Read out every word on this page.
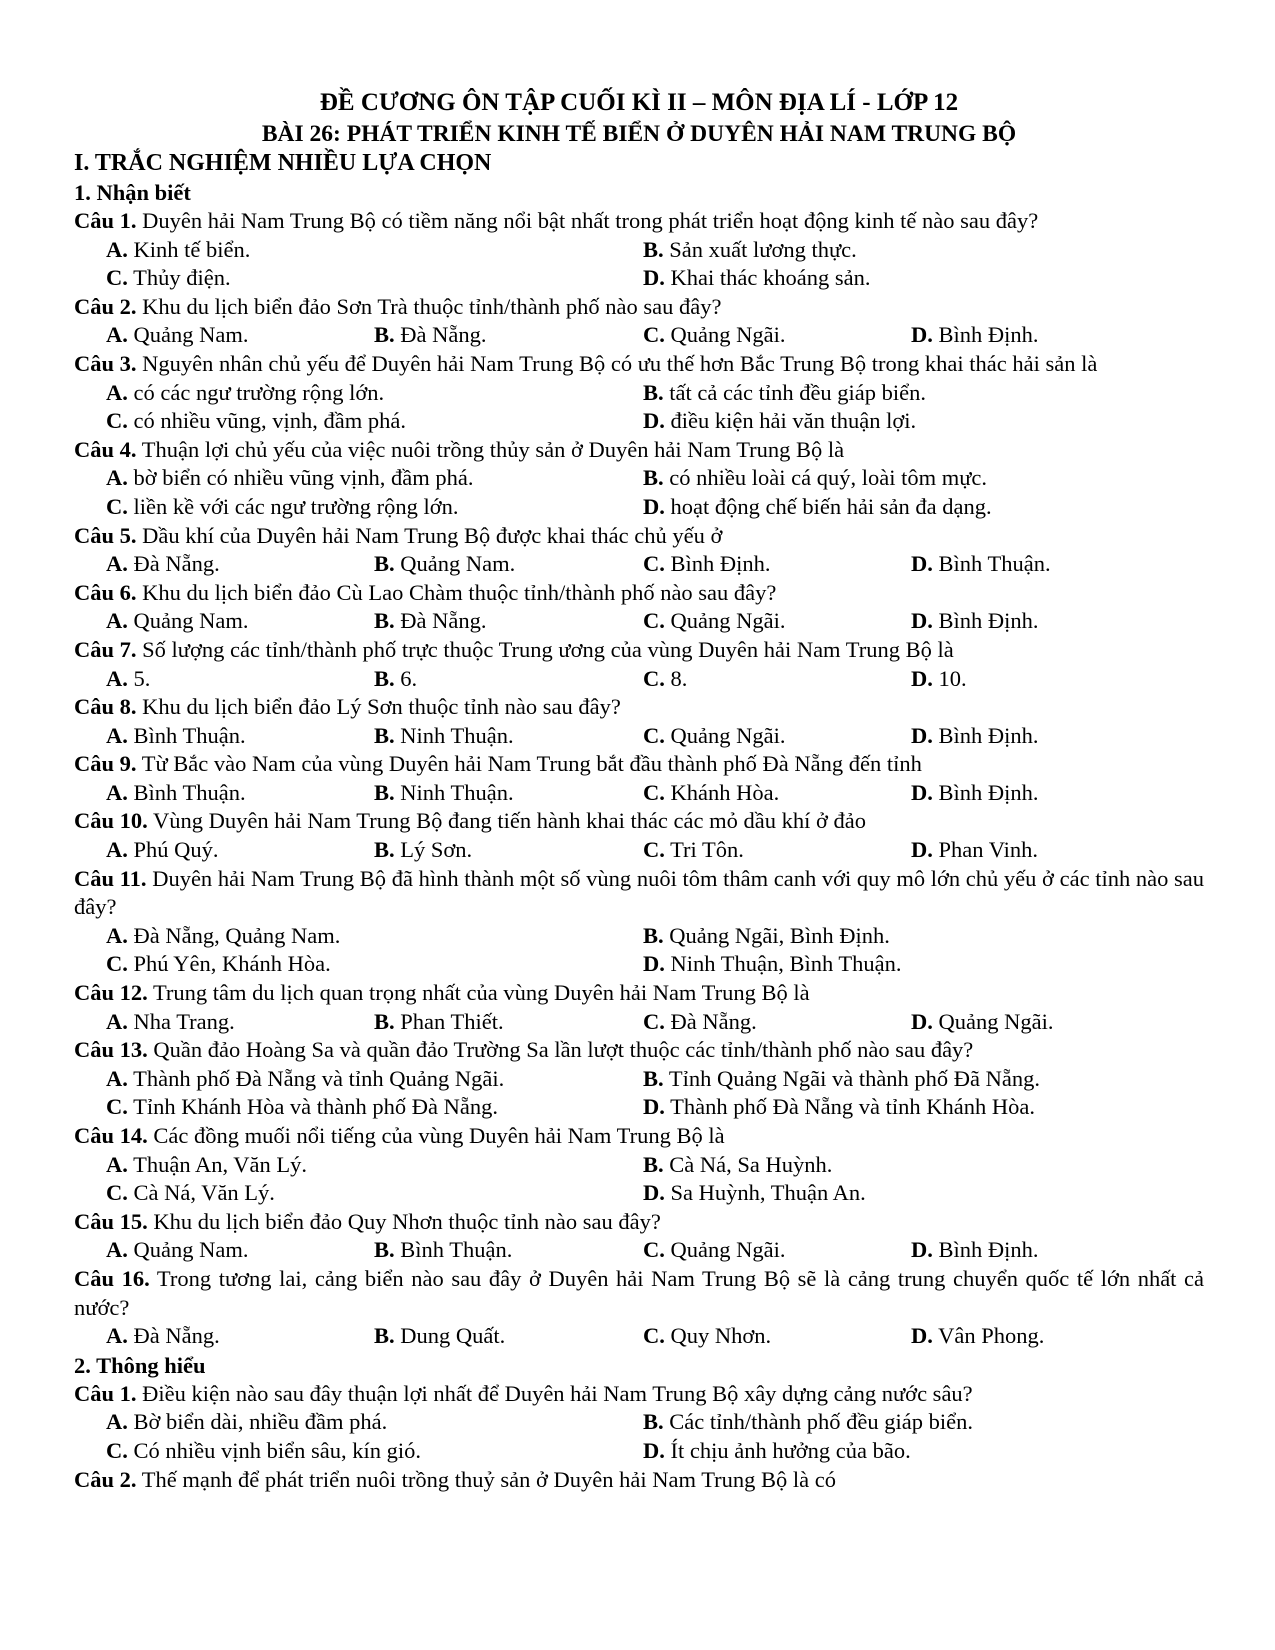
ĐỀ CƯƠNG ÔN TẬP CUỐI KÌ II – MÔN ĐỊA LÍ - LỚP 12
BÀI 26: PHÁT TRIỂN KINH TẾ BIỂN Ở DUYÊN HẢI NAM TRUNG BỘ
I. TRẮC NGHIỆM NHIỀU LỰA CHỌN
1. Nhận biết
Câu 1. Duyên hải Nam Trung Bộ có tiềm năng nổi bật nhất trong phát triển hoạt động kinh tế nào sau đây?
A. Kinh tế biển.	B. Sản xuất lương thực.
C. Thủy điện.	D. Khai thác khoáng sản.
Câu 2. Khu du lịch biển đảo Sơn Trà thuộc tỉnh/thành phố nào sau đây?
A. Quảng Nam.	B. Đà Nẵng.	C. Quảng Ngãi.	D. Bình Định.
Câu 3. Nguyên nhân chủ yếu để Duyên hải Nam Trung Bộ có ưu thế hơn Bắc Trung Bộ trong khai thác hải sản là
A. có các ngư trường rộng lớn.	B. tất cả các tỉnh đều giáp biển.
C. có nhiều vũng, vịnh, đầm phá.	D. điều kiện hải văn thuận lợi.
Câu 4. Thuận lợi chủ yếu của việc nuôi trồng thủy sản ở Duyên hải Nam Trung Bộ là
A. bờ biển có nhiều vũng vịnh, đầm phá.	B. có nhiều loài cá quý, loài tôm mực.
C. liền kề với các ngư trường rộng lớn.	D. hoạt động chế biến hải sản đa dạng.
Câu 5. Dầu khí của Duyên hải Nam Trung Bộ được khai thác chủ yếu ở
A. Đà Nẵng.	B. Quảng Nam.	C. Bình Định.	D. Bình Thuận.
Câu 6. Khu du lịch biển đảo Cù Lao Chàm thuộc tỉnh/thành phố nào sau đây?
A. Quảng Nam.	B. Đà Nẵng.	C. Quảng Ngãi.	D. Bình Định.
Câu 7. Số lượng các tỉnh/thành phố trực thuộc Trung ương của vùng Duyên hải Nam Trung Bộ là
A. 5.	B. 6.	C. 8.	D. 10.
Câu 8. Khu du lịch biển đảo Lý Sơn thuộc tỉnh nào sau đây?
A. Bình Thuận.	B. Ninh Thuận.	C. Quảng Ngãi.	D. Bình Định.
Câu 9. Từ Bắc vào Nam của vùng Duyên hải Nam Trung bắt đầu thành phố Đà Nẵng đến tỉnh
A. Bình Thuận.	B. Ninh Thuận.	C. Khánh Hòa.	D. Bình Định.
Câu 10. Vùng Duyên hải Nam Trung Bộ đang tiến hành khai thác các mỏ dầu khí ở đảo
A. Phú Quý.	B. Lý Sơn.	C. Tri Tôn.	D. Phan Vinh.
Câu 11. Duyên hải Nam Trung Bộ đã hình thành một số vùng nuôi tôm thâm canh với quy mô lớn chủ yếu ở các tỉnh nào sau đây?
A. Đà Nẵng, Quảng Nam.	B. Quảng Ngãi, Bình Định.
C. Phú Yên, Khánh Hòa.	D. Ninh Thuận, Bình Thuận.
Câu 12. Trung tâm du lịch quan trọng nhất của vùng Duyên hải Nam Trung Bộ là
A. Nha Trang.	B. Phan Thiết.	C. Đà Nẵng.	D. Quảng Ngãi.
Câu 13. Quần đảo Hoàng Sa và quần đảo Trường Sa lần lượt thuộc các tỉnh/thành phố nào sau đây?
A. Thành phố Đà Nẵng và tỉnh Quảng Ngãi.	B. Tỉnh Quảng Ngãi và thành phố Đã Nẵng.
C. Tỉnh Khánh Hòa và thành phố Đà Nẵng.	D. Thành phố Đà Nẵng và tỉnh Khánh Hòa.
Câu 14. Các đồng muối nổi tiếng của vùng Duyên hải Nam Trung Bộ là
A. Thuận An, Văn Lý.	B. Cà Ná, Sa Huỳnh.
C. Cà Ná, Văn Lý.	D. Sa Huỳnh, Thuận An.
Câu 15. Khu du lịch biển đảo Quy Nhơn thuộc tỉnh nào sau đây?
A. Quảng Nam.	B. Bình Thuận.	C. Quảng Ngãi.	D. Bình Định.
Câu 16. Trong tương lai, cảng biển nào sau đây ở Duyên hải Nam Trung Bộ sẽ là cảng trung chuyển quốc tế lớn nhất cả nước?
A. Đà Nẵng.	B. Dung Quất.	C. Quy Nhơn.	D. Vân Phong.
2. Thông hiểu
Câu 1. Điều kiện nào sau đây thuận lợi nhất để Duyên hải Nam Trung Bộ xây dựng cảng nước sâu?
A. Bờ biển dài, nhiều đầm phá.	B. Các tỉnh/thành phố đều giáp biển.
C. Có nhiều vịnh biển sâu, kín gió.	D. Ít chịu ảnh hưởng của bão.
Câu 2. Thế mạnh để phát triển nuôi trồng thuỷ sản ở Duyên hải Nam Trung Bộ là có
